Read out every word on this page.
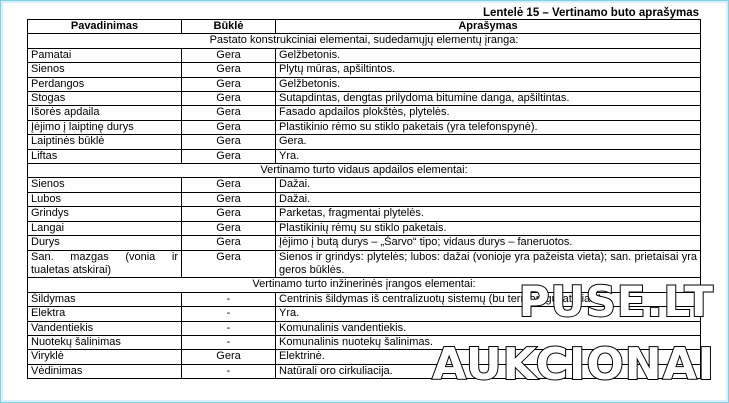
Lentelė 15 – Vertinamo buto aprašymas
Pavadinimas	Būklė	Aprašymas
Pastato konstrukciniai elementai, sudedamųjų elementų įranga:		
Pamatai	Gera	Gelžbetonis.
Sienos	Gera	Plytų mūras, apšiltintos.
Perdangos	Gera	Gelžbetonis.
Stogas	Gera	Sutapdintas, dengtas prilydoma bitumine danga, apšiltintas.
Išorės apdaila	Gera	Fasado apdailos plokštės, plytelės.
Įėjimo į laiptinę durys	Gera	Plastikinio rėmo su stiklo paketais (yra telefonspynė).
Laiptinės būklė	Gera	Gera.
Liftas	Gera	Yra.
Vertinamo turto vidaus apdailos elementai:		
Sienos	Gera	Dažai.
Lubos	Gera	Dažai.
Grindys	Gera	Parketas, fragmentai plytelės.
Langai	Gera	Plastikinių rėmų su stiklo paketais.
Durys	Gera	Įėjimo į butą durys – „Šarvo“ tipo; vidaus durys – faneruotos.
San. mazgas (vonia ir tualetas atskirai)	Gera	Sienos ir grindys: plytelės; lubos: dažai (vonioje yra pažeista vieta); san. prietaisai yra geros būklės.
Vertinamo turto inžinerinės įrangos elementai:		
Šildymas	-	Centrinis šildymas iš centralizuotų sistemų (bu termoreguliatoriais).
Elektra	-	Yra.
Vandentiekis	-	Komunalinis vandentiekis.
Nuotekų šalinimas	-	Komunalinis nuotekų šalinimas.
Viryklė	Gera	Elektrinė.
Vėdinimas	-	Natūrali oro cirkuliacija.
PUSE.LT
AUKCIONAI
